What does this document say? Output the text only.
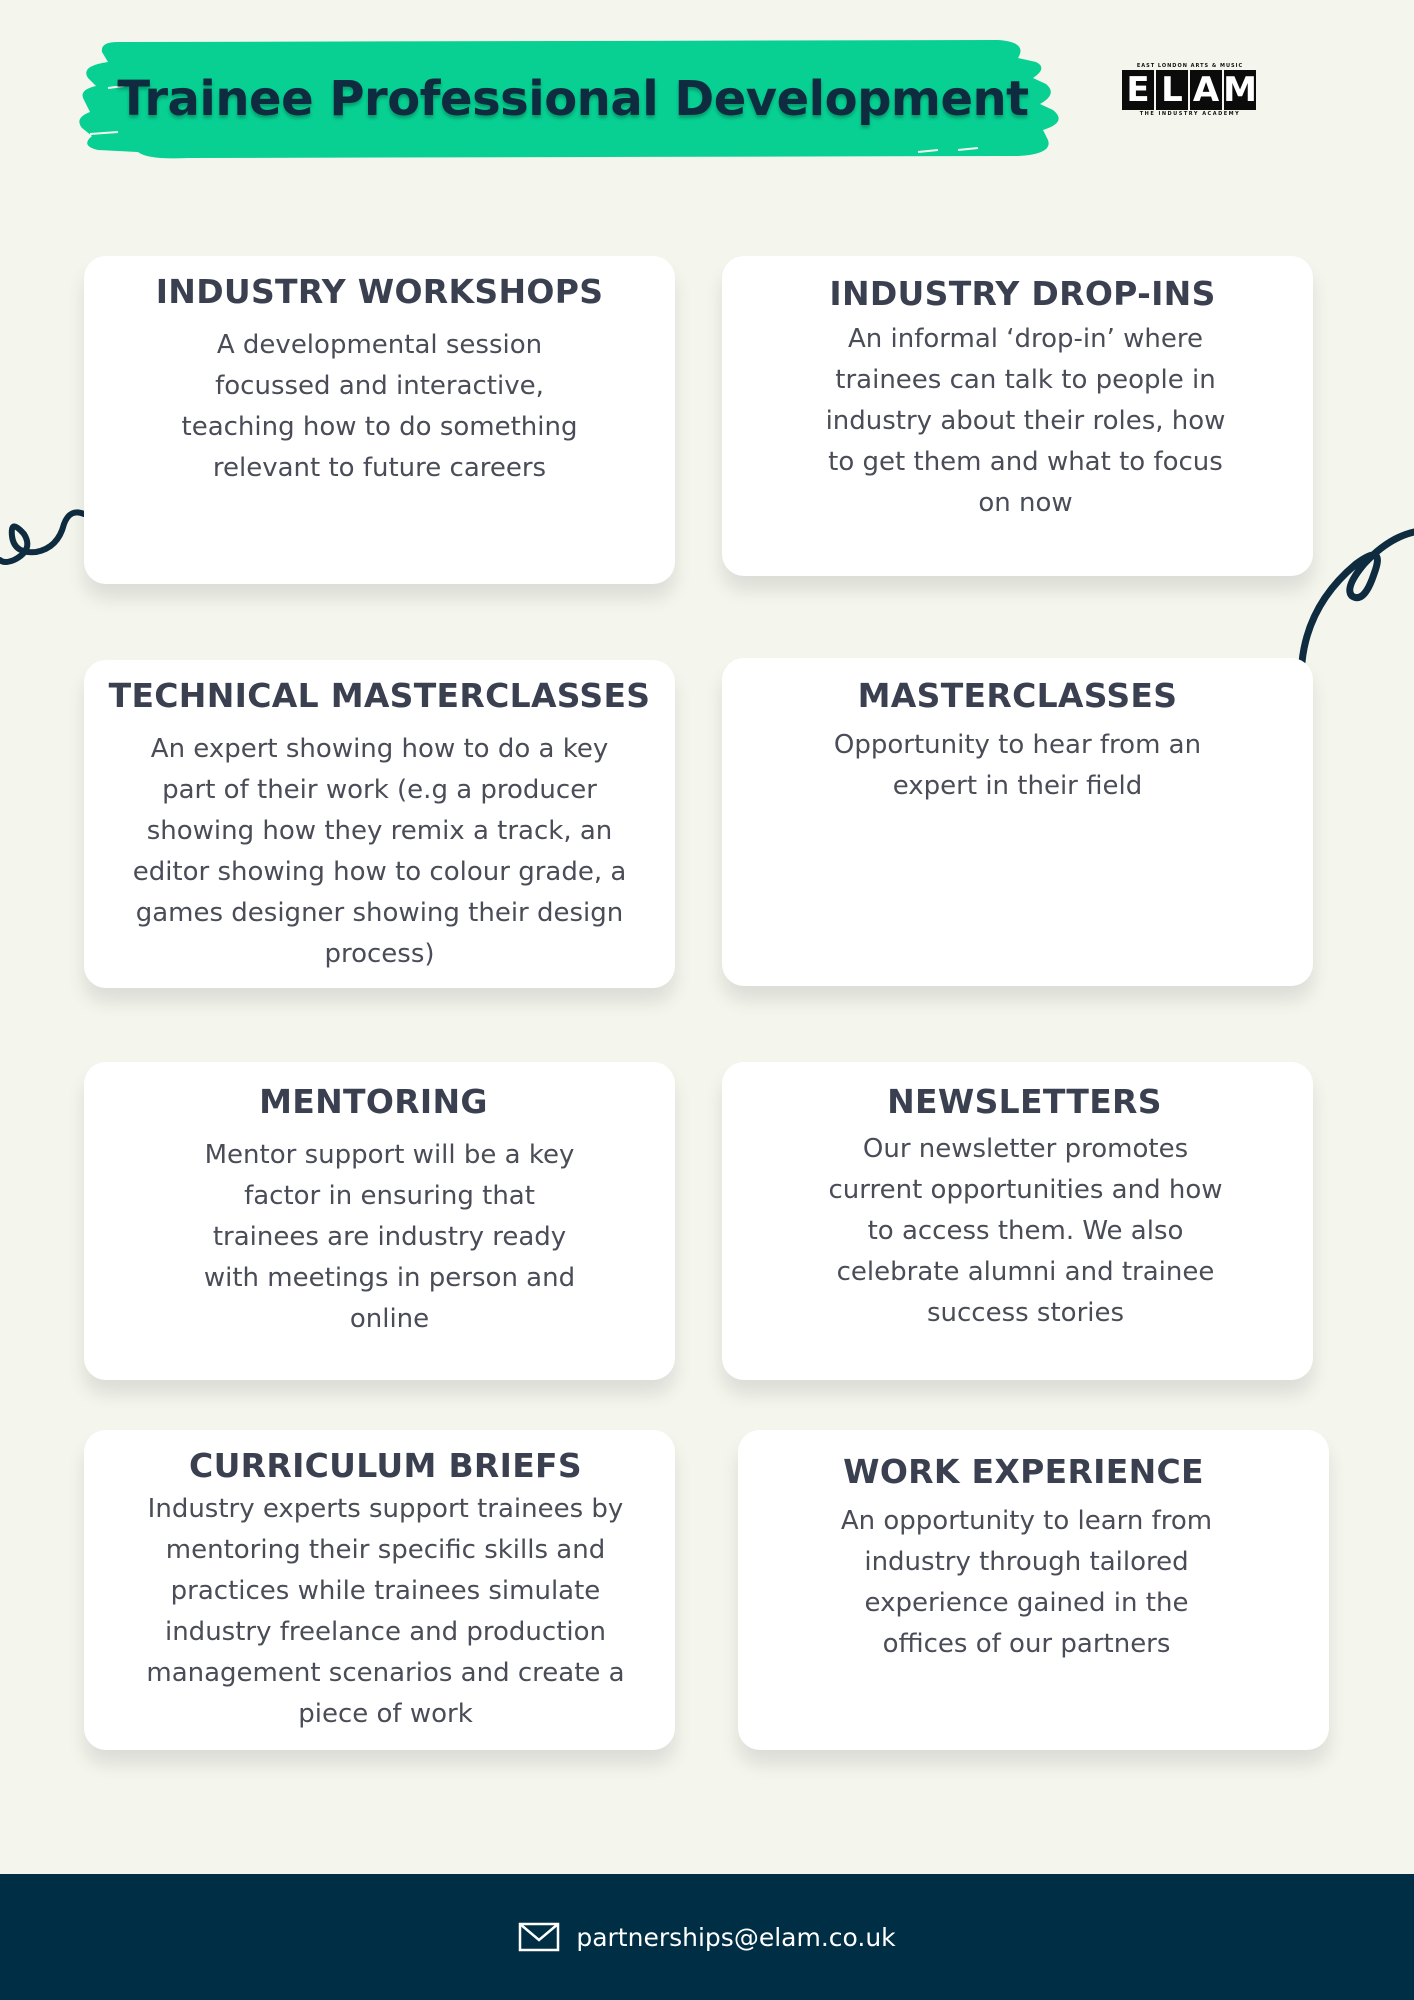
Trainee Professional Development
EAST LONDON ARTS & MUSIC
E L A M
THE INDUSTRY ACADEMY
INDUSTRY WORKSHOPS

A developmental session focussed and interactive, teaching how to do something relevant to future careers

INDUSTRY DROP-INS

An informal ‘drop-in’ where trainees can talk to people in industry about their roles, how to get them and what to focus on now

TECHNICAL MASTERCLASSES

An expert showing how to do a key part of their work (e.g a producer showing how they remix a track, an editor showing how to colour grade, a games designer showing their design process)

MASTERCLASSES

Opportunity to hear from an expert in their field

MENTORING

Mentor support will be a key factor in ensuring that trainees are industry ready with meetings in person and online

NEWSLETTERS

Our newsletter promotes current opportunities and how to access them. We also celebrate alumni and trainee success stories

CURRICULUM BRIEFS

Industry experts support trainees by mentoring their specific skills and practices while trainees simulate industry freelance and production management scenarios and create a piece of work

WORK EXPERIENCE

An opportunity to learn from industry through tailored experience gained in the offices of our partners

partnerships@elam.co.uk
